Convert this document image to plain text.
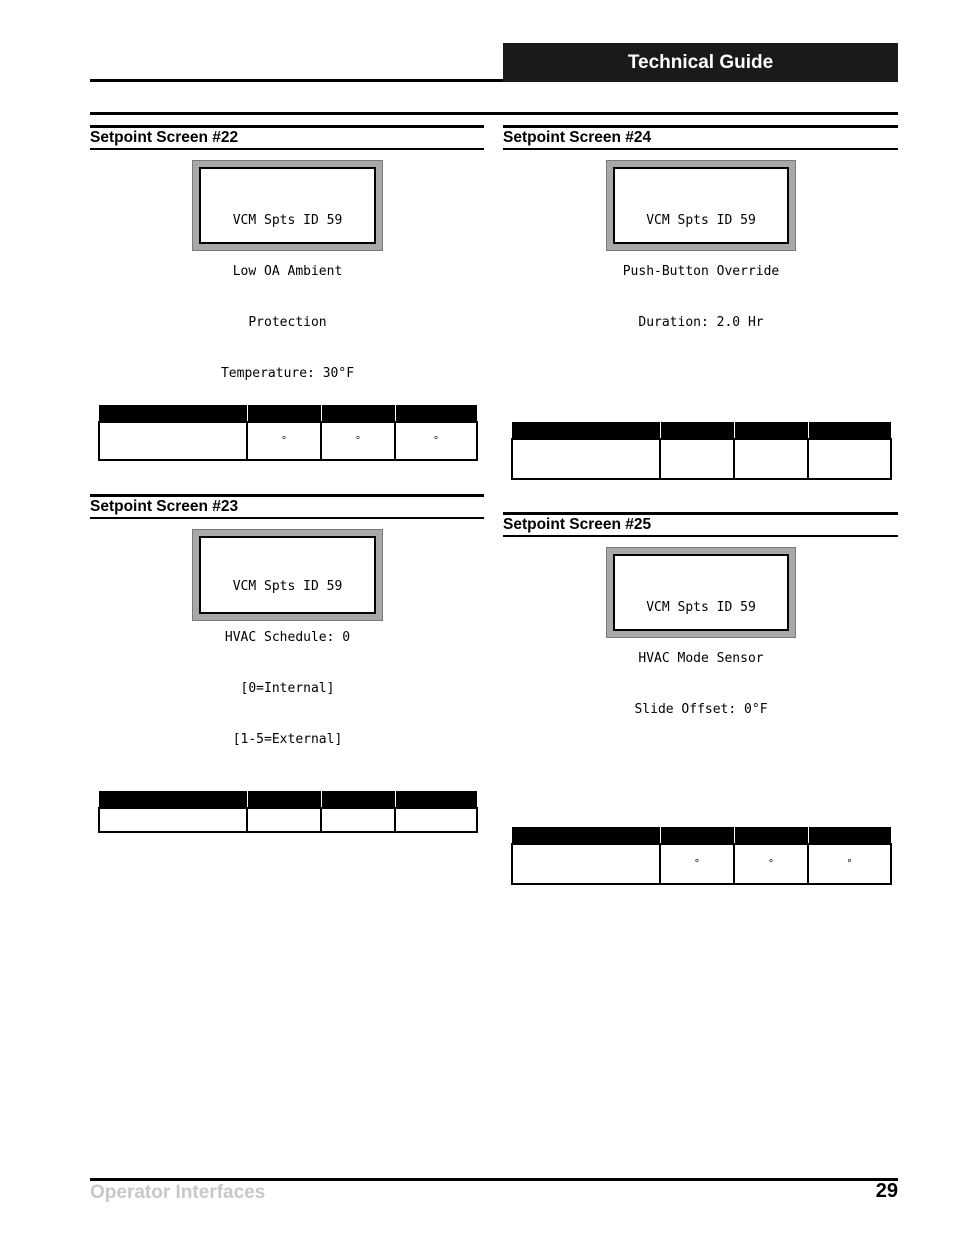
Technical Guide
Setpoint Screen #22

VCM Spts ID 59

Low OA Ambient

Protection

Temperature: 30°F

	°	°	°
Setpoint Screen #23

VCM Spts ID 59

HVAC Schedule: 0

[0=Internal]

[1-5=External]

Setpoint Screen #24

VCM Spts ID 59

Push-Button Override

Duration: 2.0 Hr

Setpoint Screen #25

VCM Spts ID 59

HVAC Mode Sensor

Slide Offset: 0°F

	°	°	°
Operator Interfaces	29
